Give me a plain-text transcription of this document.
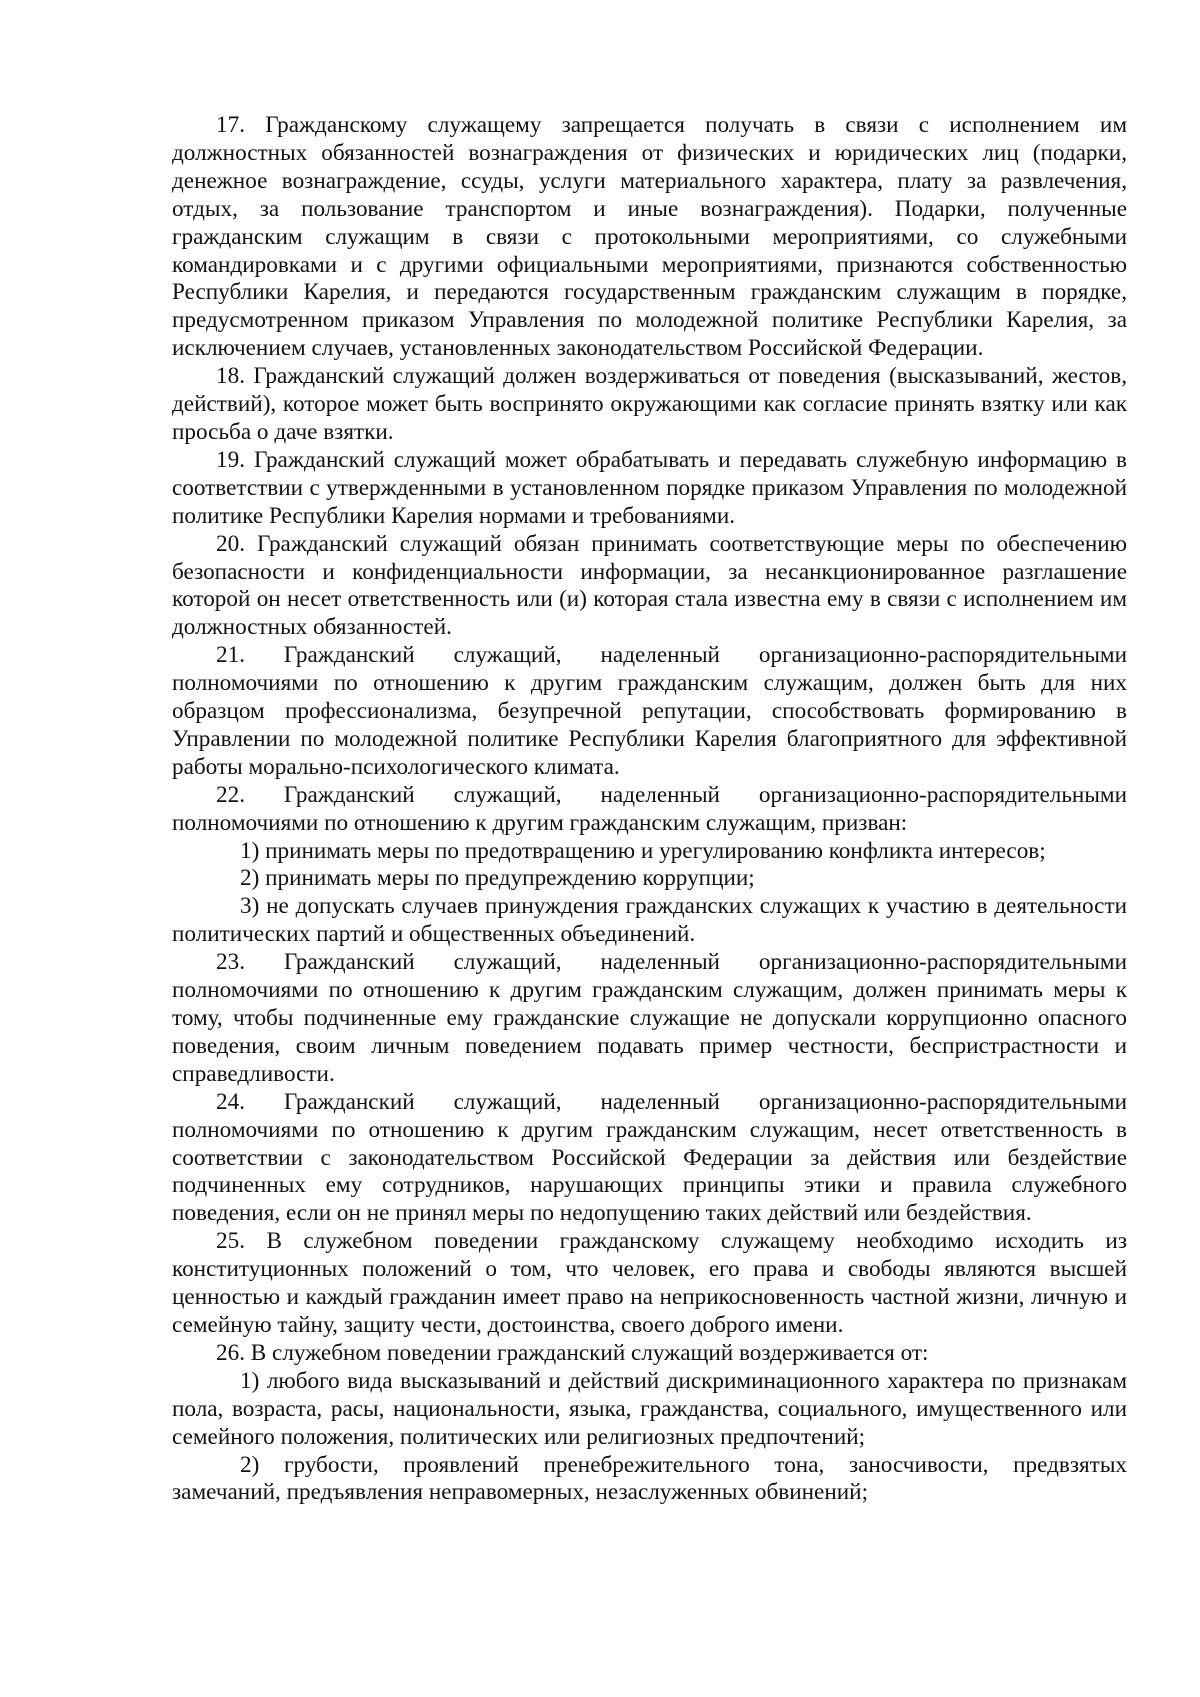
17. Гражданскому служащему запрещается получать в связи с исполнением им должностных обязанностей вознаграждения от физических и юридических лиц (подарки, денежное вознаграждение, ссуды, услуги материального характера, плату за развлечения, отдых, за пользование транспортом и иные вознаграждения). Подарки, полученные гражданским служащим в связи с протокольными мероприятиями, со служебными командировками и с другими официальными мероприятиями, признаются собственностью Республики Карелия, и передаются государственным гражданским служащим в порядке, предусмотренном приказом Управления по молодежной политике Республики Карелия, за исключением случаев, установленных законодательством Российской Федерации.

18. Гражданский служащий должен воздерживаться от поведения (высказываний, жестов, действий), которое может быть воспринято окружающими как согласие принять взятку или как просьба о даче взятки.

19. Гражданский служащий может обрабатывать и передавать служебную информацию в соответствии с утвержденными в установленном порядке приказом Управления по молодежной политике Республики Карелия нормами и требованиями.

20. Гражданский служащий обязан принимать соответствующие меры по обеспечению безопасности и конфиденциальности информации, за несанкционированное разглашение которой он несет ответственность или (и) которая стала известна ему в связи с исполнением им должностных обязанностей.

21. Гражданский служащий, наделенный организационно-распорядительными полномочиями по отношению к другим гражданским служащим, должен быть для них образцом профессионализма, безупречной репутации, способствовать формированию в Управлении по молодежной политике Республики Карелия благоприятного для эффективной работы морально-психологического климата.

22. Гражданский служащий, наделенный организационно-распорядительными полномочиями по отношению к другим гражданским служащим, призван:

1) принимать меры по предотвращению и урегулированию конфликта интересов;

2) принимать меры по предупреждению коррупции;

3) не допускать случаев принуждения гражданских служащих к участию в деятельности политических партий и общественных объединений.

23. Гражданский служащий, наделенный организационно-распорядительными полномочиями по отношению к другим гражданским служащим, должен принимать меры к тому, чтобы подчиненные ему гражданские служащие не допускали коррупционно опасного поведения, своим личным поведением подавать пример честности, беспристрастности и справедливости.

24. Гражданский служащий, наделенный организационно-распорядительными полномочиями по отношению к другим гражданским служащим, несет ответственность в соответствии с законодательством Российской Федерации за действия или бездействие подчиненных ему сотрудников, нарушающих принципы этики и правила служебного поведения, если он не принял меры по недопущению таких действий или бездействия.

25. В служебном поведении гражданскому служащему необходимо исходить из конституционных положений о том, что человек, его права и свободы являются высшей ценностью и каждый гражданин имеет право на неприкосновенность частной жизни, личную и семейную тайну, защиту чести, достоинства, своего доброго имени.

26. В служебном поведении гражданский служащий воздерживается от:

1) любого вида высказываний и действий дискриминационного характера по признакам пола, возраста, расы, национальности, языка, гражданства, социального, имущественного или семейного положения, политических или религиозных предпочтений;

2) грубости, проявлений пренебрежительного тона, заносчивости, предвзятых замечаний, предъявления неправомерных, незаслуженных обвинений;
